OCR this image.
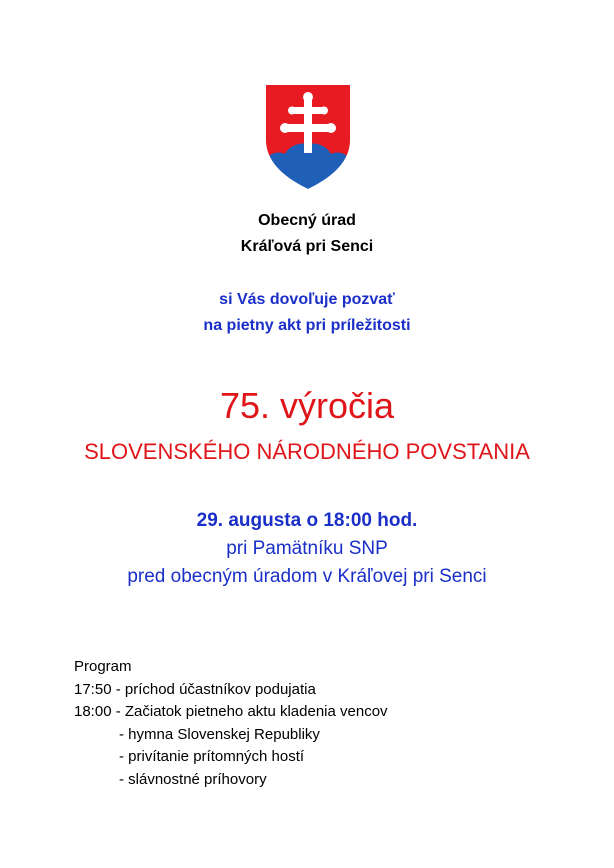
Obecný úrad
Kráľová pri Senci
si Vás dovoľuje pozvať
na pietny akt pri príležitosti
75. výročia
SLOVENSKÉHO NÁRODNÉHO POVSTANIA
29. augusta o 18:00 hod.
pri Pamätníku SNP
pred obecným úradom v Kráľovej pri Senci
Program
17:50 - príchod účastníkov podujatia
18:00 - Začiatok pietneho aktu kladenia vencov
- hymna Slovenskej Republiky
- privítanie prítomných hostí
- slávnostné príhovory
